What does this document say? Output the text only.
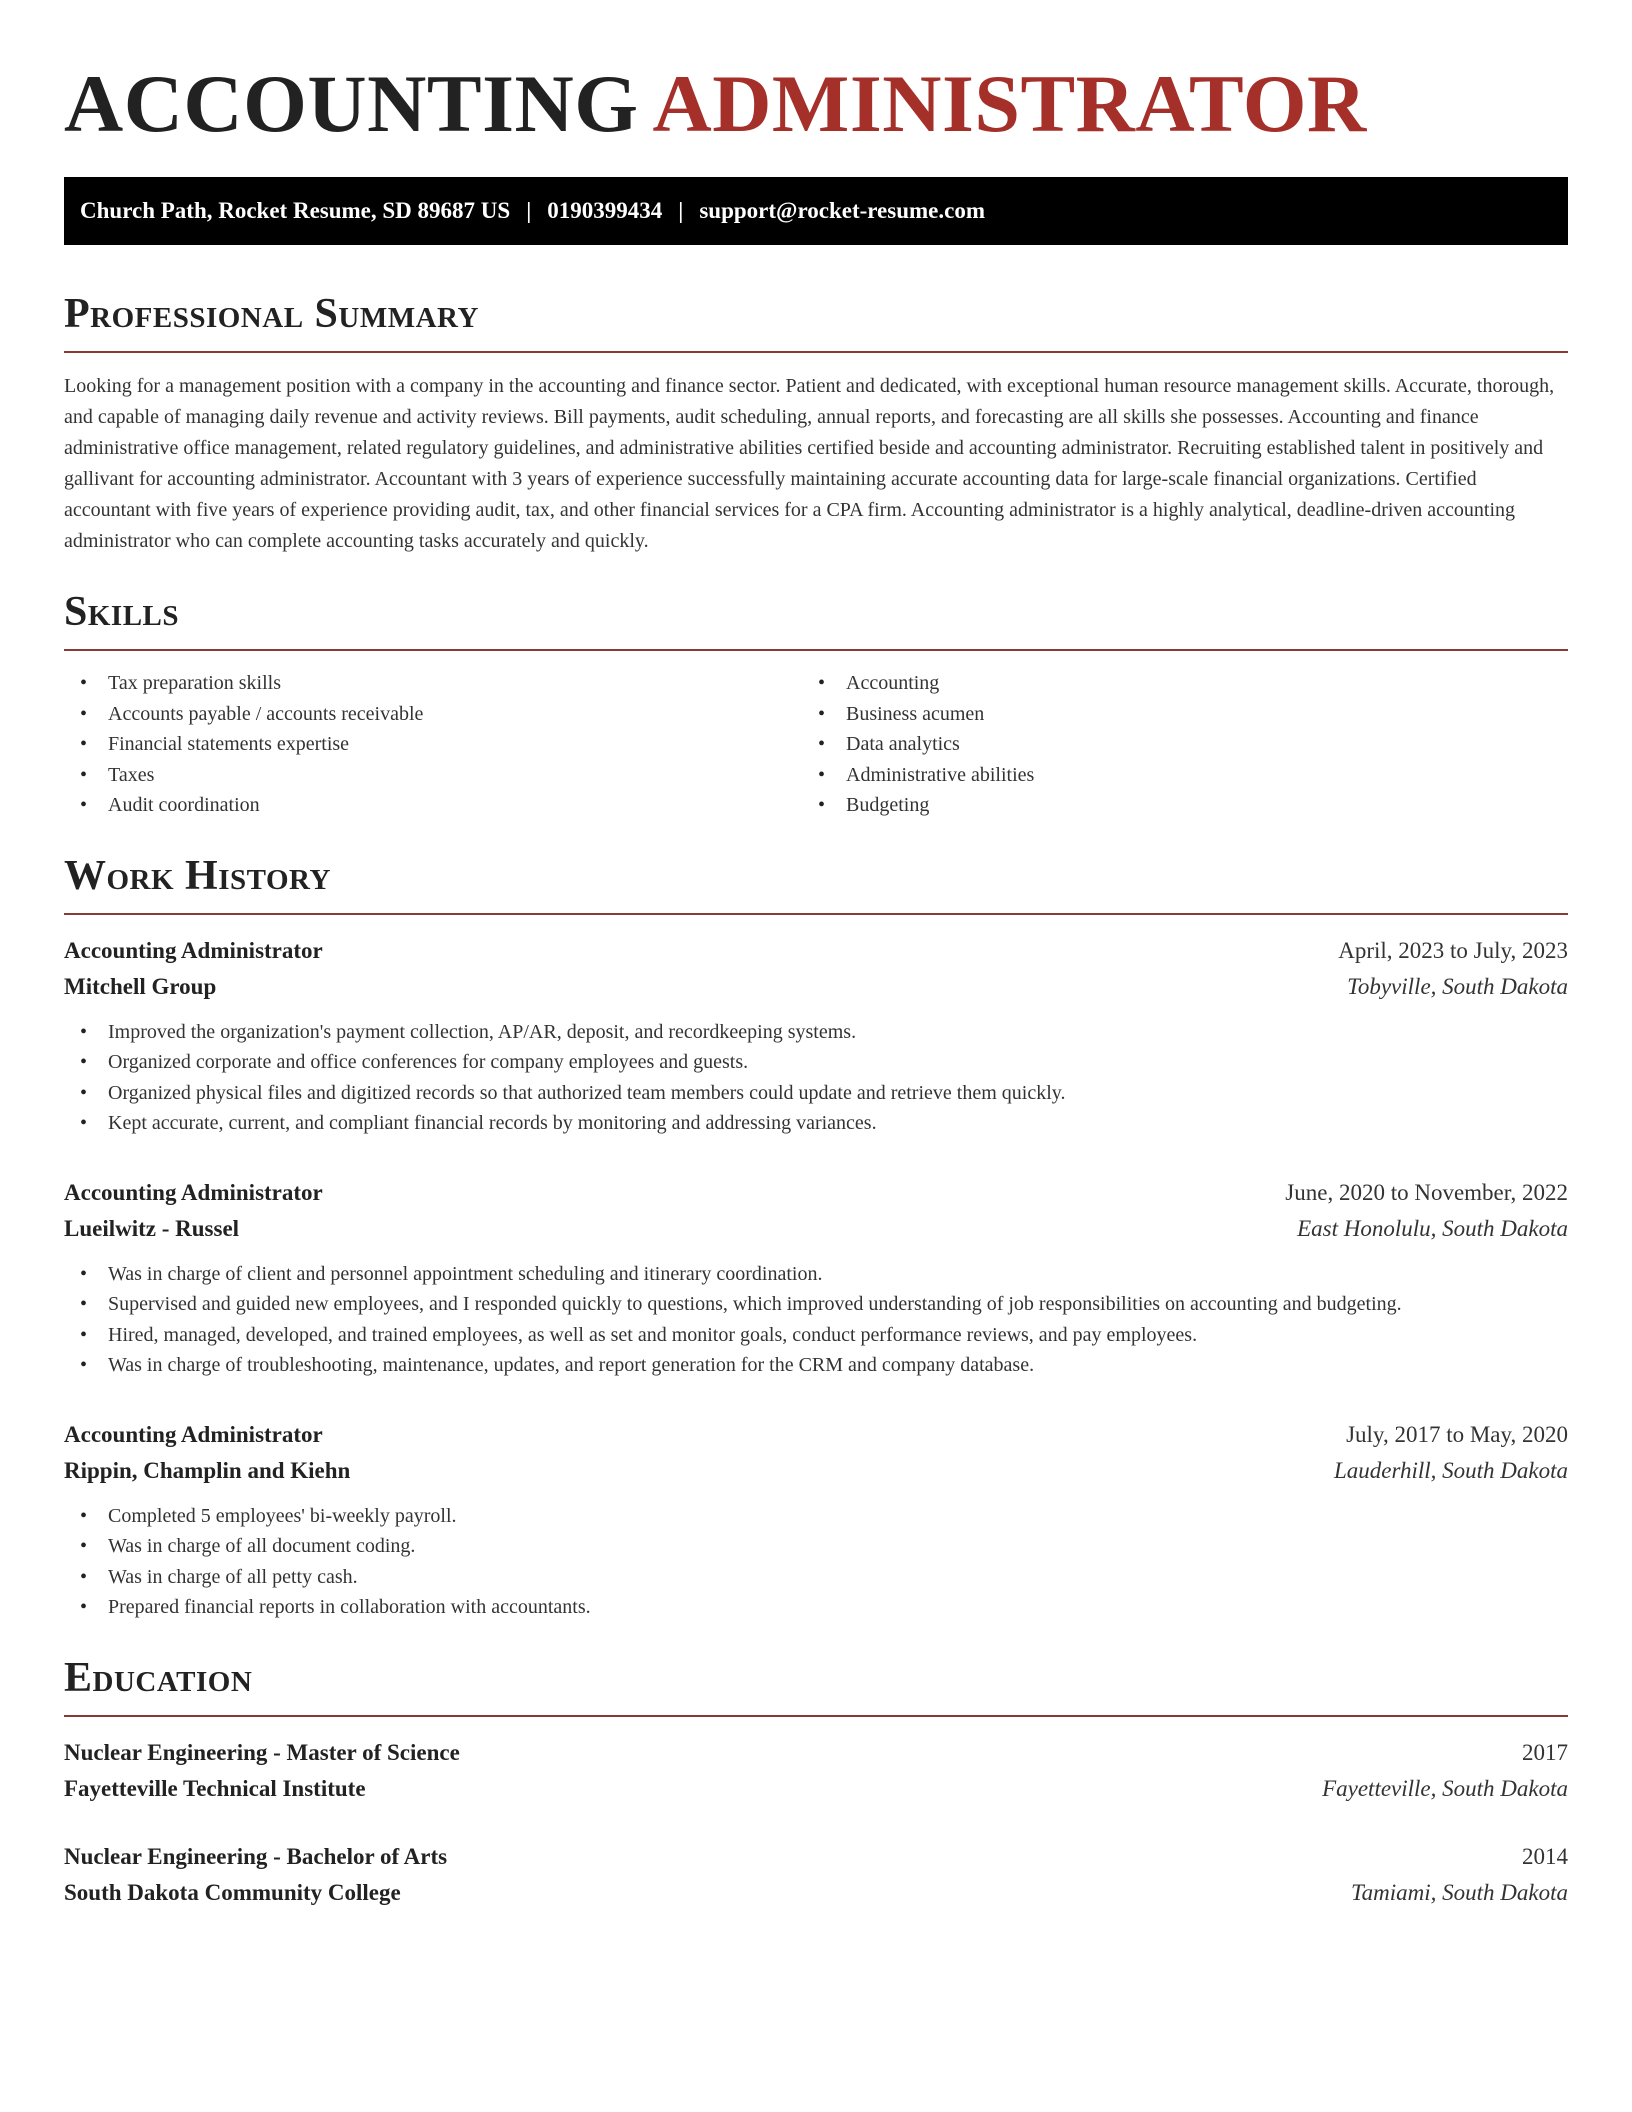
ACCOUNTING ADMINISTRATOR
Church Path, Rocket Resume, SD 89687 US | 0190399434 | support@rocket-resume.com
Professional Summary

Looking for a management position with a company in the accounting and finance sector. Patient and dedicated, with exceptional human resource management skills. Accurate, thorough, and capable of managing daily revenue and activity reviews. Bill payments, audit scheduling, annual reports, and forecasting are all skills she possesses. Accounting and finance administrative office management, related regulatory guidelines, and administrative abilities certified beside and accounting administrator. Recruiting established talent in positively and gallivant for accounting administrator. Accountant with 3 years of experience successfully maintaining accurate accounting data for large-scale financial organizations. Certified accountant with five years of experience providing audit, tax, and other financial services for a CPA firm. Accounting administrator is a highly analytical, deadline-driven accounting administrator who can complete accounting tasks accurately and quickly.

Skills
• Tax preparation skills
• Accounts payable / accounts receivable
• Financial statements expertise
• Taxes
• Audit coordination
• Accounting
• Business acumen
• Data analytics
• Administrative abilities
• Budgeting
Work History
Accounting Administrator	April, 2023 to July, 2023
Mitchell Group	Tobyville, South Dakota
• Improved the organization's payment collection, AP/AR, deposit, and recordkeeping systems.
• Organized corporate and office conferences for company employees and guests.
• Organized physical files and digitized records so that authorized team members could update and retrieve them quickly.
• Kept accurate, current, and compliant financial records by monitoring and addressing variances.
Accounting Administrator	June, 2020 to November, 2022
Lueilwitz - Russel	East Honolulu, South Dakota
• Was in charge of client and personnel appointment scheduling and itinerary coordination.
• Supervised and guided new employees, and I responded quickly to questions, which improved understanding of job responsibilities on accounting and budgeting.
• Hired, managed, developed, and trained employees, as well as set and monitor goals, conduct performance reviews, and pay employees.
• Was in charge of troubleshooting, maintenance, updates, and report generation for the CRM and company database.
Accounting Administrator	July, 2017 to May, 2020
Rippin, Champlin and Kiehn	Lauderhill, South Dakota
• Completed 5 employees' bi-weekly payroll.
• Was in charge of all document coding.
• Was in charge of all petty cash.
• Prepared financial reports in collaboration with accountants.
Education
Nuclear Engineering - Master of Science	2017
Fayetteville Technical Institute	Fayetteville, South Dakota
Nuclear Engineering - Bachelor of Arts	2014
South Dakota Community College	Tamiami, South Dakota
